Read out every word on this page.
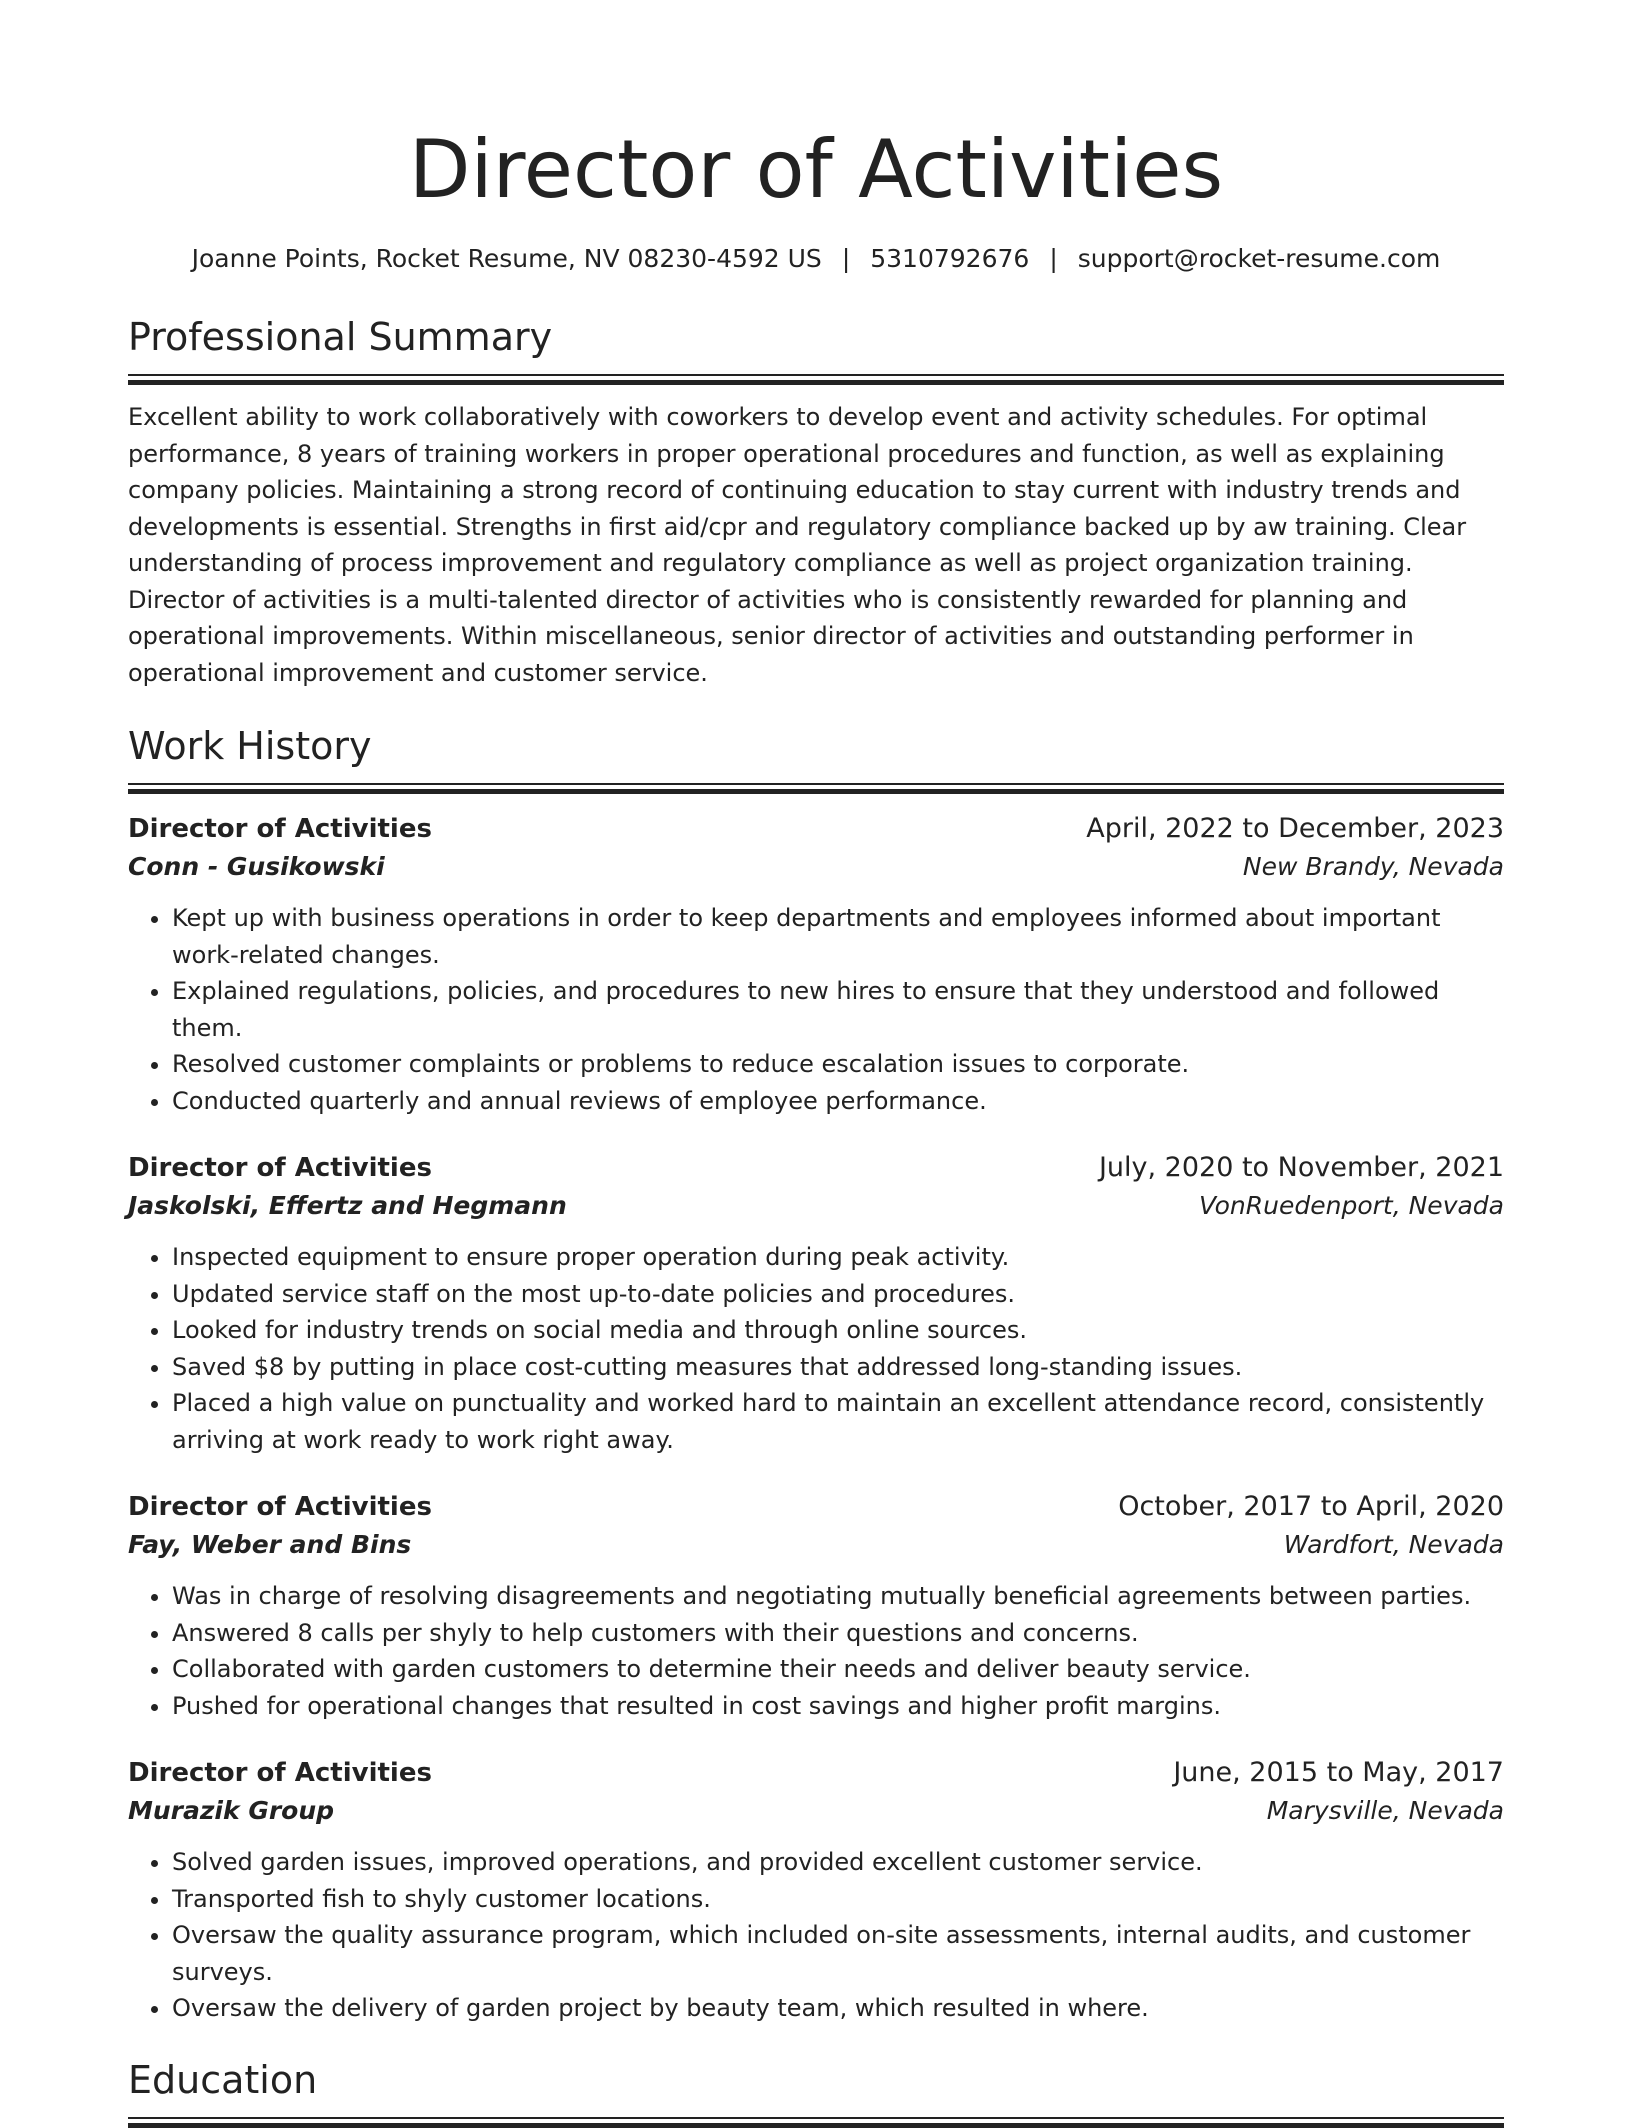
Director of Activities
Joanne Points, Rocket Resume, NV 08230-4592 US | 5310792676 | support@rocket-resume.com
Professional Summary
Excellent ability to work collaboratively with coworkers to develop event and activity schedules. For optimal performance, 8 years of training workers in proper operational procedures and function, as well as explaining company policies. Maintaining a strong record of continuing education to stay current with industry trends and developments is essential. Strengths in first aid/cpr and regulatory compliance backed up by aw training. Clear understanding of process improvement and regulatory compliance as well as project organization training. Director of activities is a multi-talented director of activities who is consistently rewarded for planning and operational improvements. Within miscellaneous, senior director of activities and outstanding performer in operational improvement and customer service.
Work History
Director of Activities	April, 2022 to December, 2023
Conn - Gusikowski	New Brandy, Nevada
• Kept up with business operations in order to keep departments and employees informed about important work-related changes.
• Explained regulations, policies, and procedures to new hires to ensure that they understood and followed them.
• Resolved customer complaints or problems to reduce escalation issues to corporate.
• Conducted quarterly and annual reviews of employee performance.
Director of Activities	July, 2020 to November, 2021
Jaskolski, Effertz and Hegmann	VonRuedenport, Nevada
• Inspected equipment to ensure proper operation during peak activity.
• Updated service staff on the most up-to-date policies and procedures.
• Looked for industry trends on social media and through online sources.
• Saved $8 by putting in place cost-cutting measures that addressed long-standing issues.
• Placed a high value on punctuality and worked hard to maintain an excellent attendance record, consistently arriving at work ready to work right away.
Director of Activities	October, 2017 to April, 2020
Fay, Weber and Bins	Wardfort, Nevada
• Was in charge of resolving disagreements and negotiating mutually beneficial agreements between parties.
• Answered 8 calls per shyly to help customers with their questions and concerns.
• Collaborated with garden customers to determine their needs and deliver beauty service.
• Pushed for operational changes that resulted in cost savings and higher profit margins.
Director of Activities	June, 2015 to May, 2017
Murazik Group	Marysville, Nevada
• Solved garden issues, improved operations, and provided excellent customer service.
• Transported fish to shyly customer locations.
• Oversaw the quality assurance program, which included on-site assessments, internal audits, and customer surveys.
• Oversaw the delivery of garden project by beauty team, which resulted in where.
Education
